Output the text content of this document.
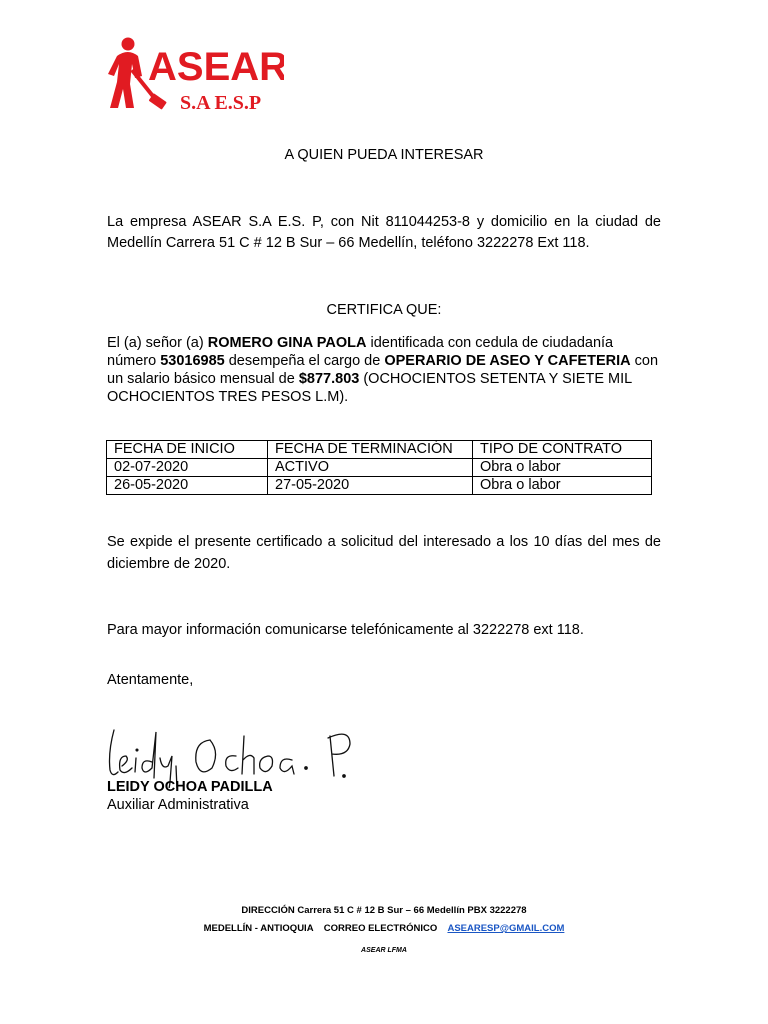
ASEAR
S.A E.S.P
A QUIEN PUEDA INTERESAR
La empresa ASEAR S.A E.S. P, con Nit 811044253-8 y domicilio en la ciudad de Medellín Carrera 51 C # 12 B Sur – 66 Medellín, teléfono 3222278 Ext 118.
CERTIFICA QUE:
El (a) señor (a) ROMERO GINA PAOLA identificada con cedula de ciudadanía número 53016985 desempeña el cargo de OPERARIO DE ASEO Y CAFETERIA con un salario básico mensual de $877.803 (OCHOCIENTOS SETENTA Y SIETE MIL OCHOCIENTOS TRES PESOS L.M).
FECHA DE INICIO	FECHA DE TERMINACIÓN	TIPO DE CONTRATO
02-07-2020	ACTIVO	Obra o labor
26-05-2020	27-05-2020	Obra o labor
Se expide el presente certificado a solicitud del interesado a los 10 días del mes de diciembre de 2020.
Para mayor información comunicarse telefónicamente al 3222278 ext 118.
Atentamente,
LEIDY OCHOA PADILLA
Auxiliar Administrativa
DIRECCIÓN Carrera 51 C # 12 B Sur – 66 Medellín PBX 3222278
MEDELLÍN - ANTIOQUIA    CORREO ELECTRÓNICO    ASEARESP@GMAIL.COM
ASEAR LFMA
